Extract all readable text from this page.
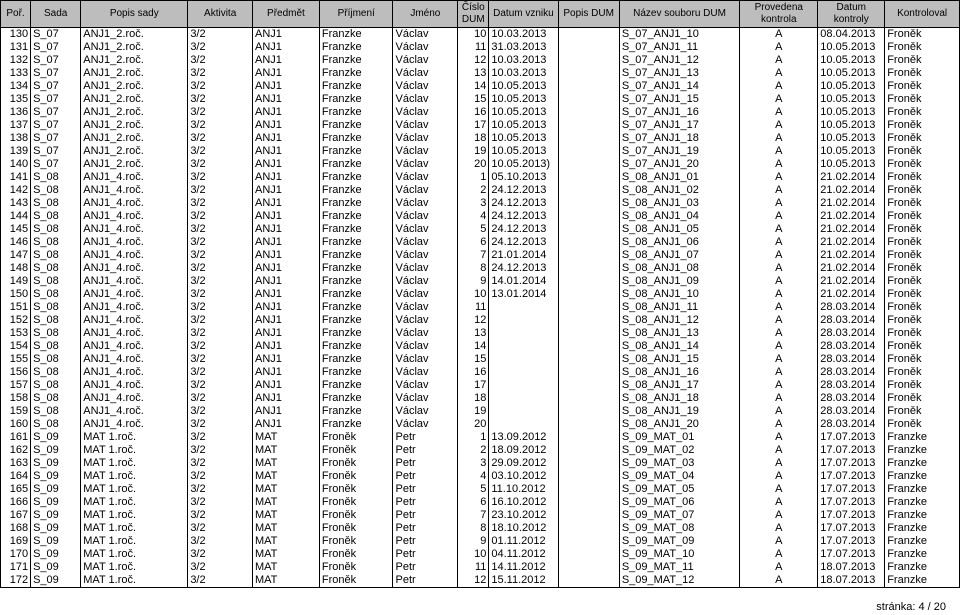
Poř.	Sada	Popis sady	Aktivita	Předmět	Příjmení	Jméno	Číslo DUM	Datum vzniku	Popis DUM	Název souboru DUM	Provedena kontrola	Datum kontroly	Kontroloval
130	S_07	ANJ1_2.roč.	3/2	ANJ1	Franzke	Václav	10	10.03.2013		S_07_ANJ1_10	A	08.04.2013	Froněk
131	S_07	ANJ1_2.roč.	3/2	ANJ1	Franzke	Václav	11	31.03.2013		S_07_ANJ1_11	A	10.05.2013	Froněk
132	S_07	ANJ1_2.roč.	3/2	ANJ1	Franzke	Václav	12	10.03.2013		S_07_ANJ1_12	A	10.05.2013	Froněk
133	S_07	ANJ1_2.roč.	3/2	ANJ1	Franzke	Václav	13	10.03.2013		S_07_ANJ1_13	A	10.05.2013	Froněk
134	S_07	ANJ1_2.roč.	3/2	ANJ1	Franzke	Václav	14	10.05.2013		S_07_ANJ1_14	A	10.05.2013	Froněk
135	S_07	ANJ1_2.roč.	3/2	ANJ1	Franzke	Václav	15	10.05.2013		S_07_ANJ1_15	A	10.05.2013	Froněk
136	S_07	ANJ1_2.roč.	3/2	ANJ1	Franzke	Václav	16	10.05.2013		S_07_ANJ1_16	A	10.05.2013	Froněk
137	S_07	ANJ1_2.roč.	3/2	ANJ1	Franzke	Václav	17	10.05.2013		S_07_ANJ1_17	A	10.05.2013	Froněk
138	S_07	ANJ1_2.roč.	3/2	ANJ1	Franzke	Václav	18	10.05.2013		S_07_ANJ1_18	A	10.05.2013	Froněk
139	S_07	ANJ1_2.roč.	3/2	ANJ1	Franzke	Václav	19	10.05.2013		S_07_ANJ1_19	A	10.05.2013	Froněk
140	S_07	ANJ1_2.roč.	3/2	ANJ1	Franzke	Václav	20	10.05.2013)		S_07_ANJ1_20	A	10.05.2013	Froněk
141	S_08	ANJ1_4.roč.	3/2	ANJ1	Franzke	Václav	1	05.10.2013		S_08_ANJ1_01	A	21.02.2014	Froněk
142	S_08	ANJ1_4.roč.	3/2	ANJ1	Franzke	Václav	2	24.12.2013		S_08_ANJ1_02	A	21.02.2014	Froněk
143	S_08	ANJ1_4.roč.	3/2	ANJ1	Franzke	Václav	3	24.12.2013		S_08_ANJ1_03	A	21.02.2014	Froněk
144	S_08	ANJ1_4.roč.	3/2	ANJ1	Franzke	Václav	4	24.12.2013		S_08_ANJ1_04	A	21.02.2014	Froněk
145	S_08	ANJ1_4.roč.	3/2	ANJ1	Franzke	Václav	5	24.12.2013		S_08_ANJ1_05	A	21.02.2014	Froněk
146	S_08	ANJ1_4.roč.	3/2	ANJ1	Franzke	Václav	6	24.12.2013		S_08_ANJ1_06	A	21.02.2014	Froněk
147	S_08	ANJ1_4.roč.	3/2	ANJ1	Franzke	Václav	7	21.01.2014		S_08_ANJ1_07	A	21.02.2014	Froněk
148	S_08	ANJ1_4.roč.	3/2	ANJ1	Franzke	Václav	8	24.12.2013		S_08_ANJ1_08	A	21.02.2014	Froněk
149	S_08	ANJ1_4.roč.	3/2	ANJ1	Franzke	Václav	9	14.01.2014		S_08_ANJ1_09	A	21.02.2014	Froněk
150	S_08	ANJ1_4.roč.	3/2	ANJ1	Franzke	Václav	10	13.01.2014		S_08_ANJ1_10	A	21.02.2014	Froněk
151	S_08	ANJ1_4.roč.	3/2	ANJ1	Franzke	Václav	11			S_08_ANJ1_11	A	28.03.2014	Froněk
152	S_08	ANJ1_4.roč.	3/2	ANJ1	Franzke	Václav	12			S_08_ANJ1_12	A	28.03.2014	Froněk
153	S_08	ANJ1_4.roč.	3/2	ANJ1	Franzke	Václav	13			S_08_ANJ1_13	A	28.03.2014	Froněk
154	S_08	ANJ1_4.roč.	3/2	ANJ1	Franzke	Václav	14			S_08_ANJ1_14	A	28.03.2014	Froněk
155	S_08	ANJ1_4.roč.	3/2	ANJ1	Franzke	Václav	15			S_08_ANJ1_15	A	28.03.2014	Froněk
156	S_08	ANJ1_4.roč.	3/2	ANJ1	Franzke	Václav	16			S_08_ANJ1_16	A	28.03.2014	Froněk
157	S_08	ANJ1_4.roč.	3/2	ANJ1	Franzke	Václav	17			S_08_ANJ1_17	A	28.03.2014	Froněk
158	S_08	ANJ1_4.roč.	3/2	ANJ1	Franzke	Václav	18			S_08_ANJ1_18	A	28.03.2014	Froněk
159	S_08	ANJ1_4.roč.	3/2	ANJ1	Franzke	Václav	19			S_08_ANJ1_19	A	28.03.2014	Froněk
160	S_08	ANJ1_4.roč.	3/2	ANJ1	Franzke	Václav	20			S_08_ANJ1_20	A	28.03.2014	Froněk
161	S_09	MAT 1.roč.	3/2	MAT	Froněk	Petr	1	13.09.2012		S_09_MAT_01	A	17.07.2013	Franzke
162	S_09	MAT 1.roč.	3/2	MAT	Froněk	Petr	2	18.09.2012		S_09_MAT_02	A	17.07.2013	Franzke
163	S_09	MAT 1.roč.	3/2	MAT	Froněk	Petr	3	29.09.2012		S_09_MAT_03	A	17.07.2013	Franzke
164	S_09	MAT 1.roč.	3/2	MAT	Froněk	Petr	4	03.10.2012		S_09_MAT_04	A	17.07.2013	Franzke
165	S_09	MAT 1.roč.	3/2	MAT	Froněk	Petr	5	11.10.2012		S_09_MAT_05	A	17.07.2013	Franzke
166	S_09	MAT 1.roč.	3/2	MAT	Froněk	Petr	6	16.10.2012		S_09_MAT_06	A	17.07.2013	Franzke
167	S_09	MAT 1.roč.	3/2	MAT	Froněk	Petr	7	23.10.2012		S_09_MAT_07	A	17.07.2013	Franzke
168	S_09	MAT 1.roč.	3/2	MAT	Froněk	Petr	8	18.10.2012		S_09_MAT_08	A	17.07.2013	Franzke
169	S_09	MAT 1.roč.	3/2	MAT	Froněk	Petr	9	01.11.2012		S_09_MAT_09	A	17.07.2013	Franzke
170	S_09	MAT 1.roč.	3/2	MAT	Froněk	Petr	10	04.11.2012		S_09_MAT_10	A	17.07.2013	Franzke
171	S_09	MAT 1.roč.	3/2	MAT	Froněk	Petr	11	14.11.2012		S_09_MAT_11	A	18.07.2013	Franzke
172	S_09	MAT 1.roč.	3/2	MAT	Froněk	Petr	12	15.11.2012		S_09_MAT_12	A	18.07.2013	Franzke
stránka: 4 / 20
